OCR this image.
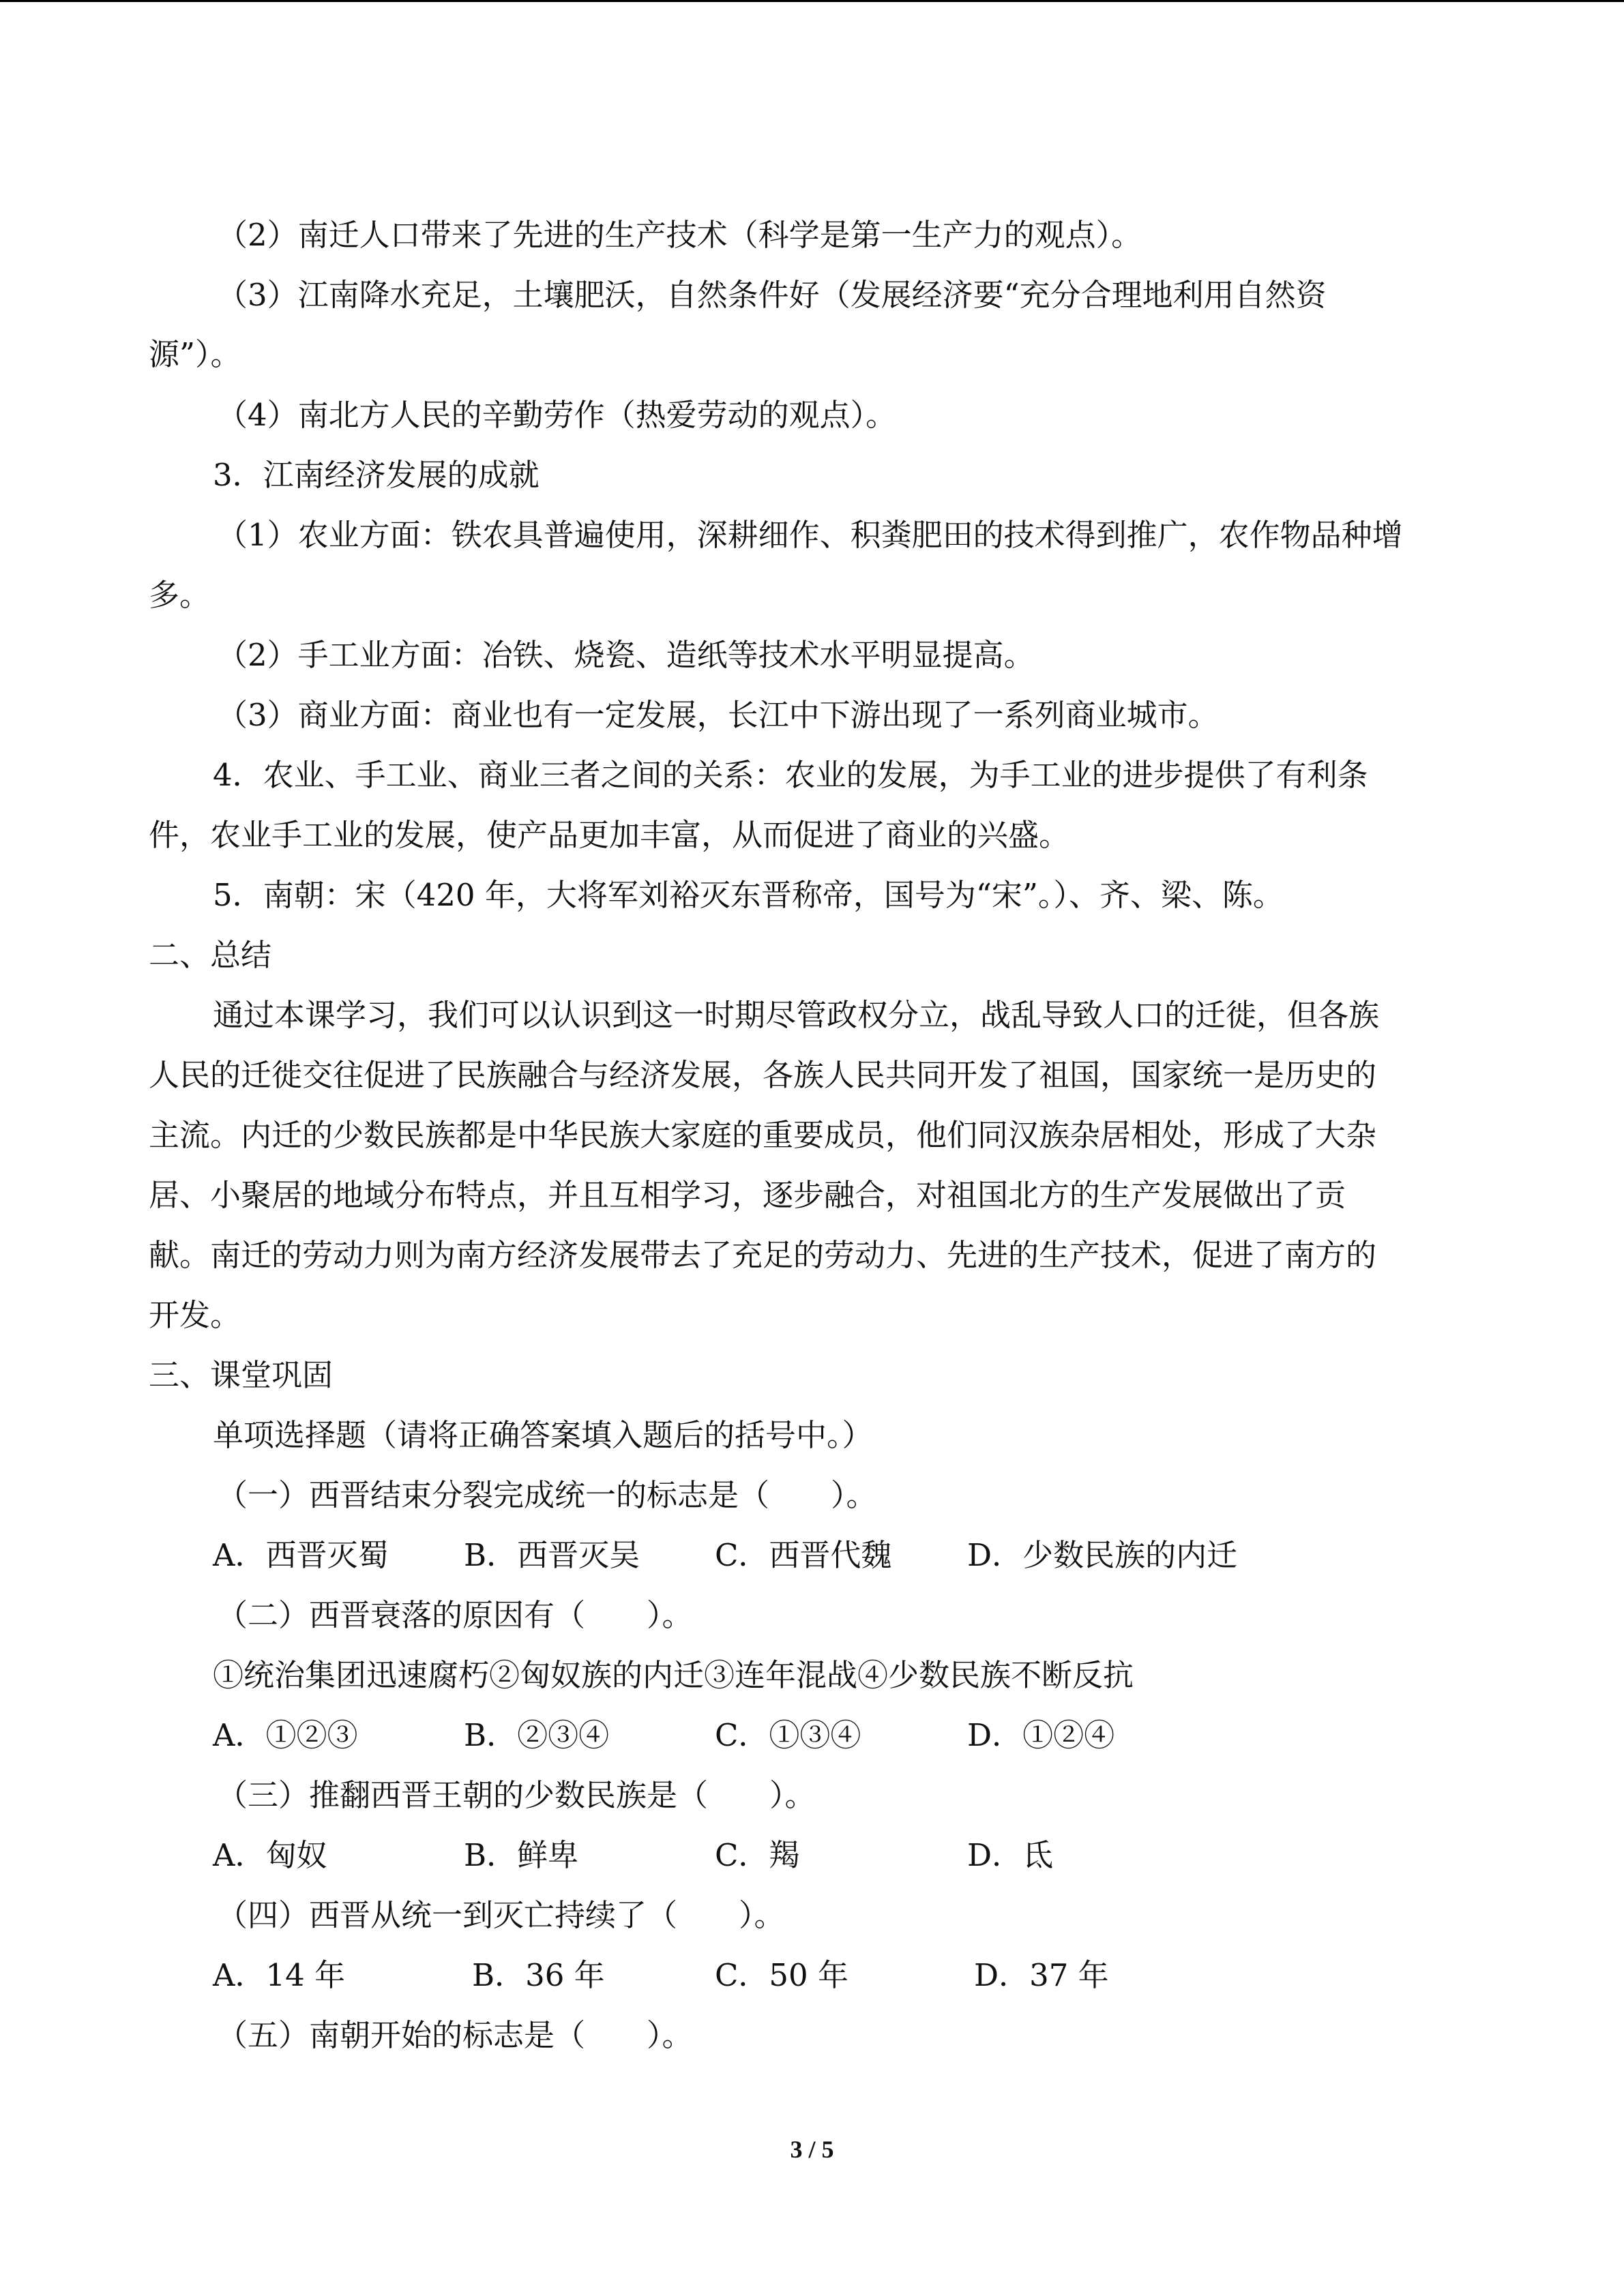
（2）南迁人口带来了先进的生产技术（科学是第一生产力的观点）。
（3）江南降水充足，土壤肥沃，自然条件好（发展经济要“充分合理地利用自然资
源”）。
（4）南北方人民的辛勤劳作（热爱劳动的观点）。
3．江南经济发展的成就
（1）农业方面：铁农具普遍使用，深耕细作、积粪肥田的技术得到推广，农作物品种增
多。
（2）手工业方面：冶铁、烧瓷、造纸等技术水平明显提高。
（3）商业方面：商业也有一定发展，长江中下游出现了一系列商业城市。
4．农业、手工业、商业三者之间的关系：农业的发展，为手工业的进步提供了有利条
件，农业手工业的发展，使产品更加丰富，从而促进了商业的兴盛。
5．南朝：宋（420 年，大将军刘裕灭东晋称帝，国号为“宋”。）、齐、梁、陈。
二、总结
通过本课学习，我们可以认识到这一时期尽管政权分立，战乱导致人口的迁徙，但各族
人民的迁徙交往促进了民族融合与经济发展，各族人民共同开发了祖国，国家统一是历史的
主流。内迁的少数民族都是中华民族大家庭的重要成员，他们同汉族杂居相处，形成了大杂
居、小聚居的地域分布特点，并且互相学习，逐步融合，对祖国北方的生产发展做出了贡
献。南迁的劳动力则为南方经济发展带去了充足的劳动力、先进的生产技术，促进了南方的
开发。
三、课堂巩固
单项选择题（请将正确答案填入题后的括号中。）
（一）西晋结束分裂完成统一的标志是（　　）。
A．西晋灭蜀 B．西晋灭吴 C．西晋代魏 D．少数民族的内迁
（二）西晋衰落的原因有（　　）。
①统治集团迅速腐朽②匈奴族的内迁③连年混战④少数民族不断反抗
A．①②③	B．②③④	C．①③④	D．①②④
（三）推翻西晋王朝的少数民族是（　　）。
A．匈奴	B．鲜卑	C．羯	D．氐
（四）西晋从统一到灭亡持续了（　　）。
A．14 年	B．36 年	C．50 年	D．37 年
（五）南朝开始的标志是（　　）。
3 / 5
